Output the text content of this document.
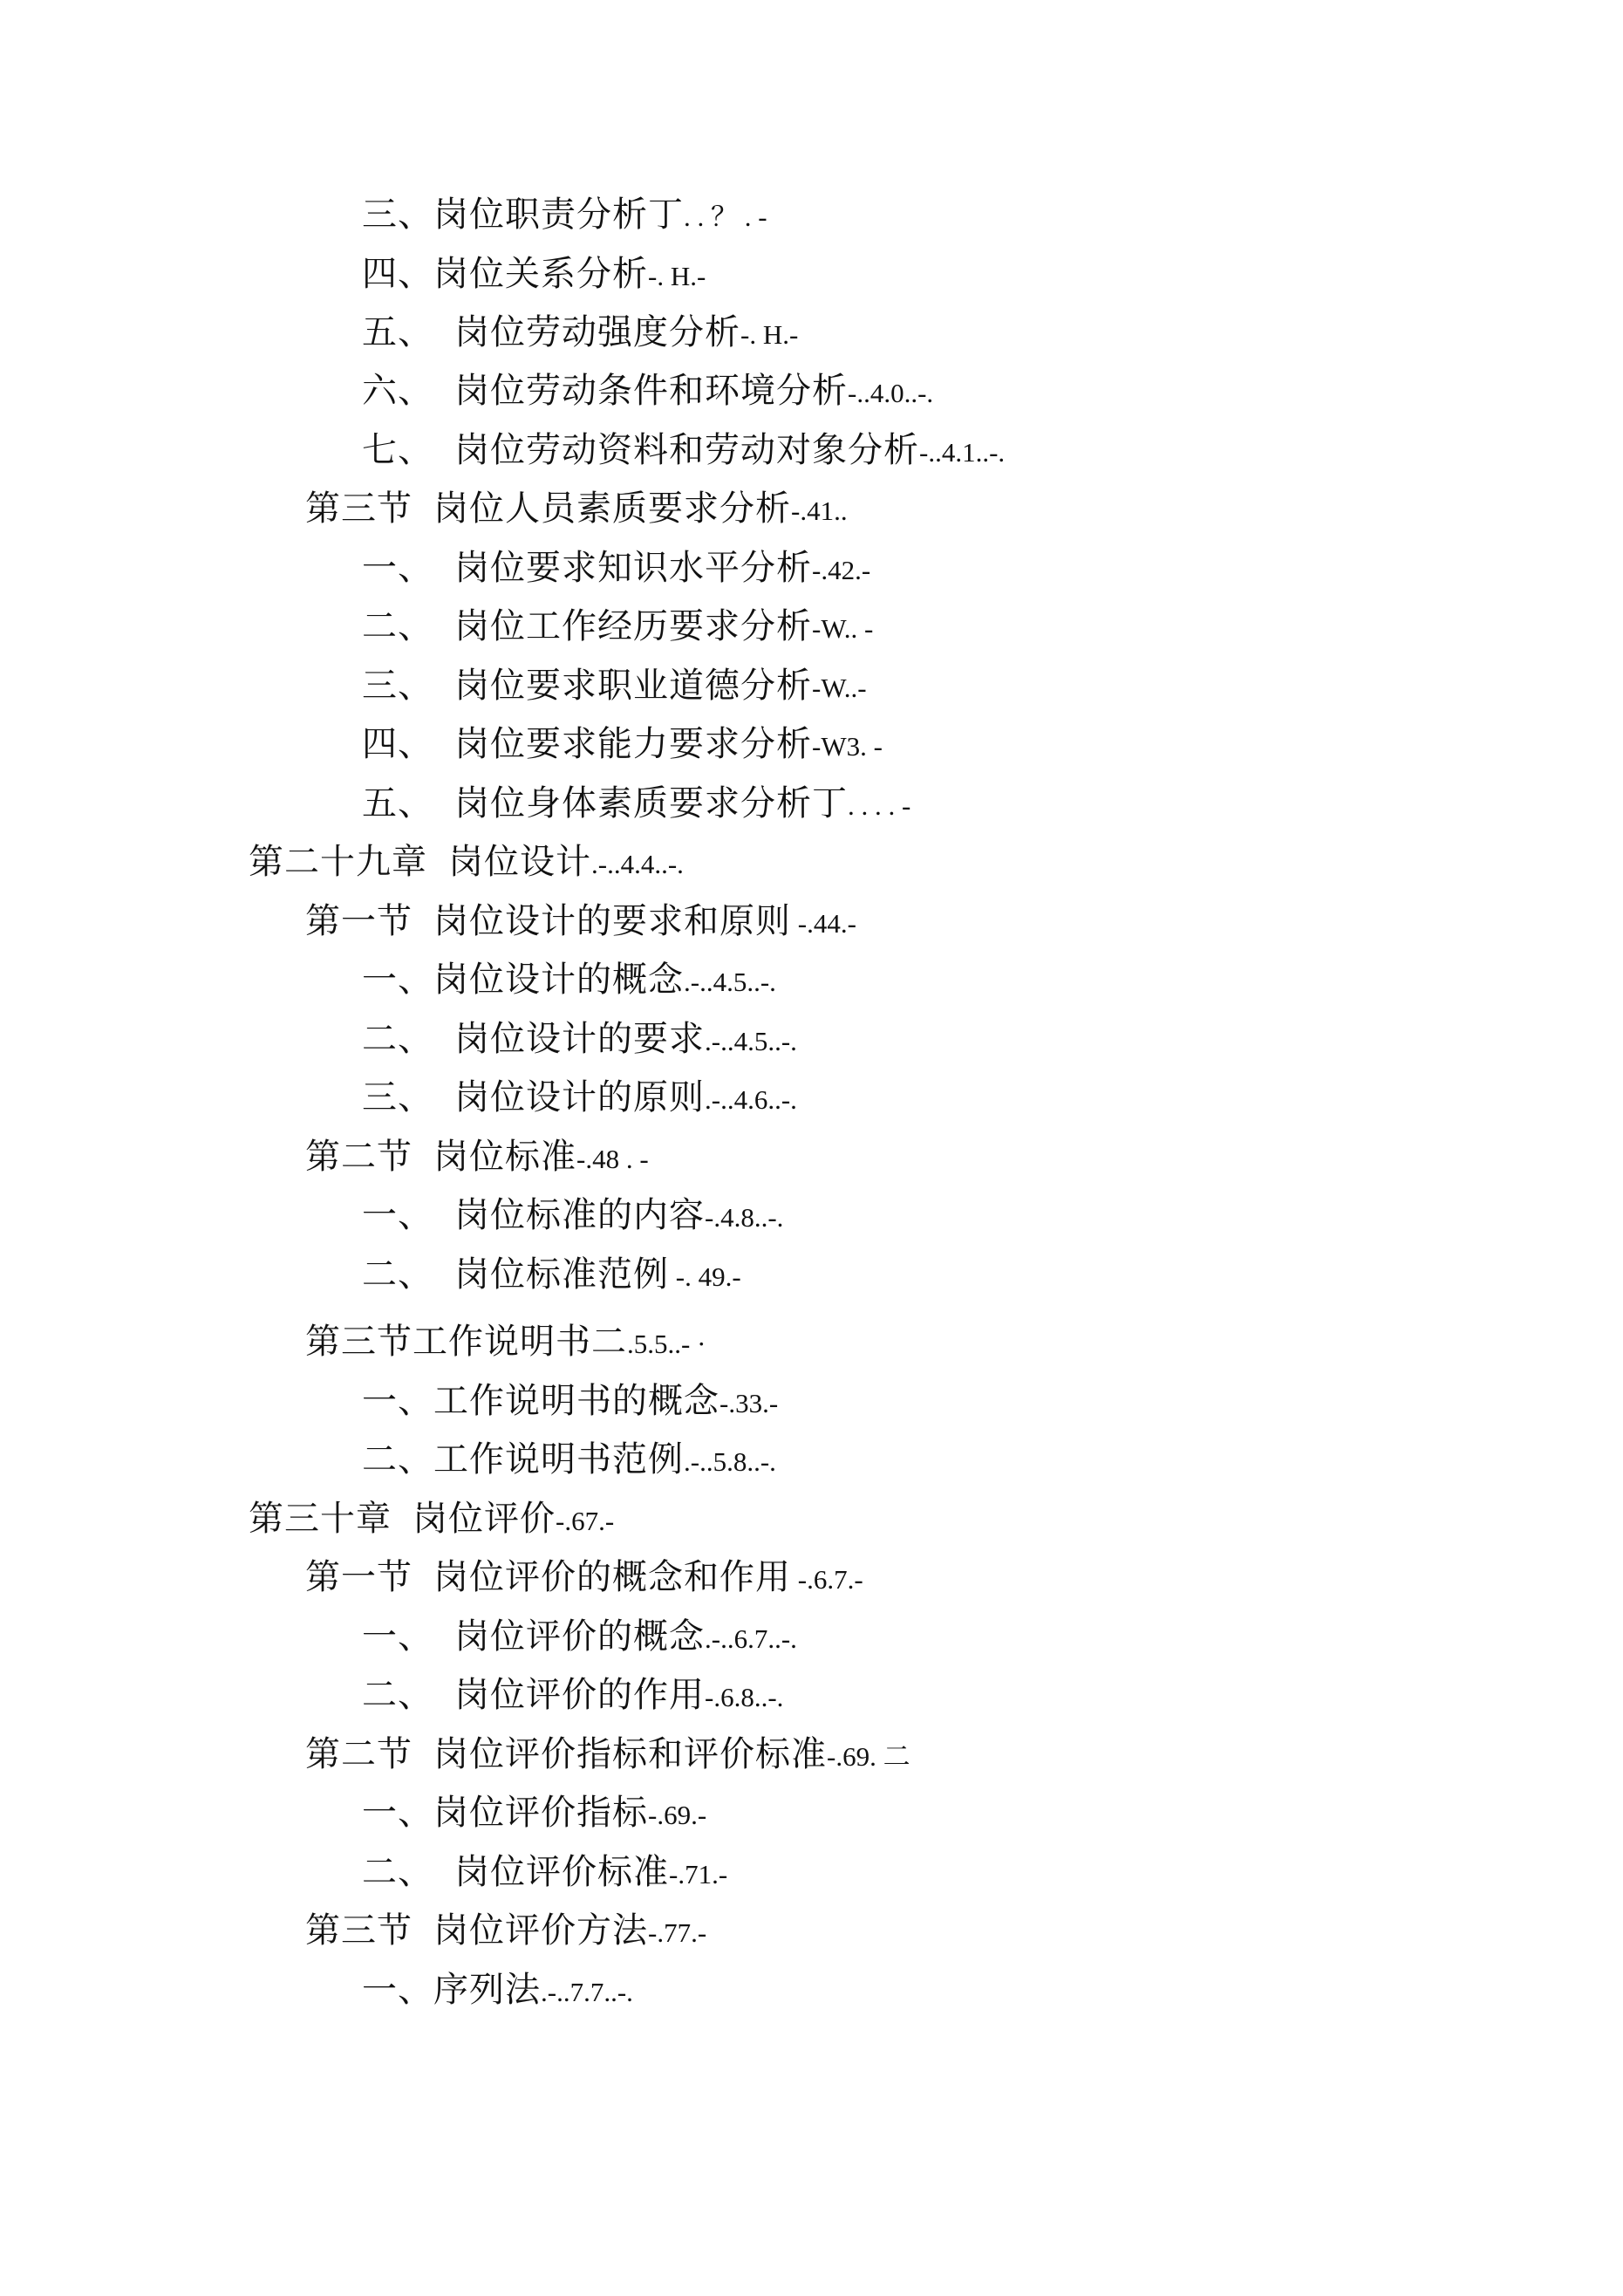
三、岗位职责分析丁. . ？ . -
四、岗位关系分析-. H.-
五、 岗位劳动强度分析-. H.-
六、 岗位劳动条件和环境分析-..4.0..-.
七、 岗位劳动资料和劳动对象分析-..4.1..-.
第三节 岗位人员素质要求分析-.41..
一、 岗位要求知识水平分析-.42.-
二、 岗位工作经历要求分析-W.. -
三、 岗位要求职业道德分析-W..-
四、 岗位要求能力要求分析-W3. -
五、 岗位身体素质要求分析丁. . . . -
第二十九章 岗位设计.-..4.4..-.
第一节 岗位设计的要求和原则 -.44.-
一、岗位设计的概念.-..4.5..-.
二、 岗位设计的要求.-..4.5..-.
三、 岗位设计的原则.-..4.6..-.
第二节 岗位标准-.48 . -
一、 岗位标准的内容-.4.8..-.
二、 岗位标准范例 -. 49.-
第三节工作说明书二.5.5..- ·
一、工作说明书的概念-.33.-
二、工作说明书范例.-..5.8..-.
第三十章 岗位评价-.67.-
第一节 岗位评价的概念和作用 -.6.7.-
一、 岗位评价的概念.-..6.7..-.
二、 岗位评价的作用-.6.8..-.
第二节 岗位评价指标和评价标准-.69. 二
一、岗位评价指标-.69.-
二、 岗位评价标准-.71.-
第三节 岗位评价方法-.77.-
一、序列法.-..7.7..-.
